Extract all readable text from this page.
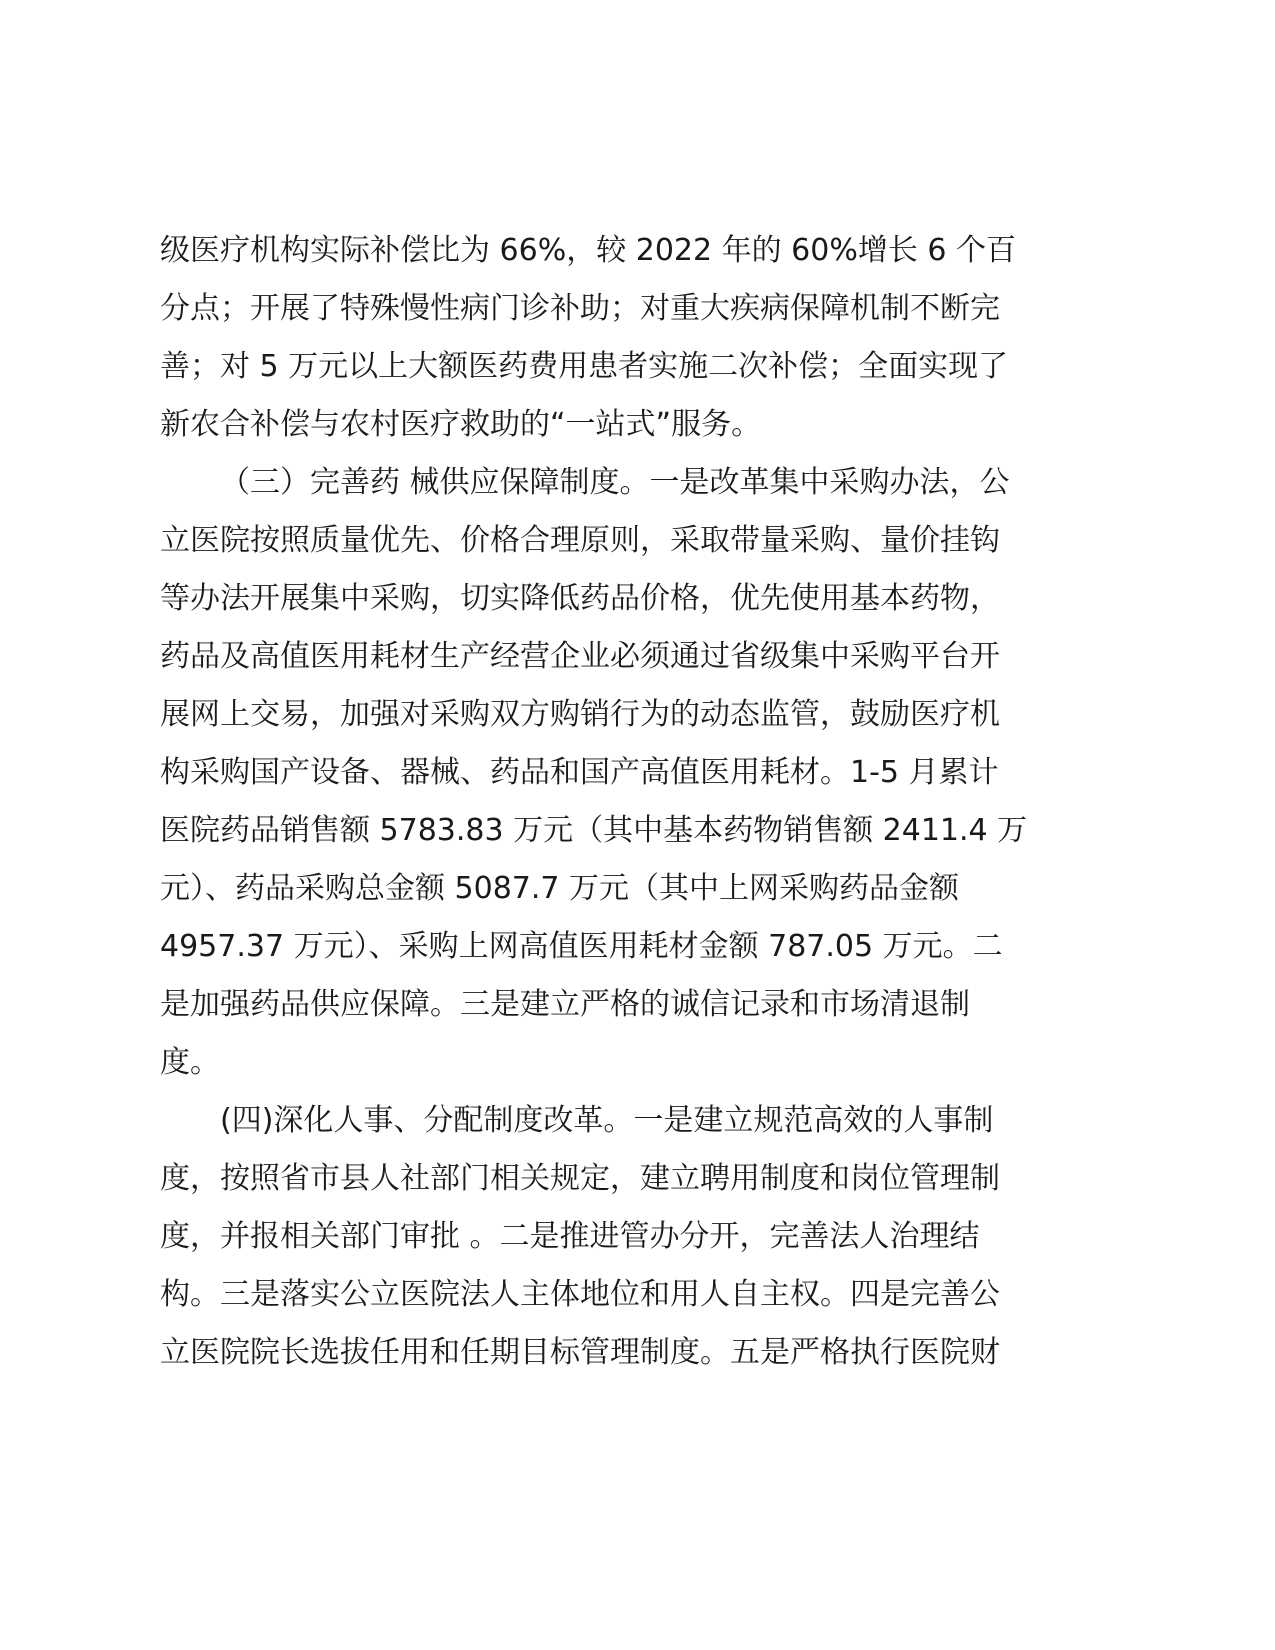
级医疗机构实际补偿比为 66%，较 2022 年的 60%增长 6 个百
分点；开展了特殊慢性病门诊补助；对重大疾病保障机制不断完
善；对 5 万元以上大额医药费用患者实施二次补偿；全面实现了
新农合补偿与农村医疗救助的“一站式”服务。
（三）完善药 械供应保障制度。一是改革集中采购办法，公
立医院按照质量优先、价格合理原则，采取带量采购、量价挂钩
等办法开展集中采购，切实降低药品价格，优先使用基本药物，
药品及高值医用耗材生产经营企业必须通过省级集中采购平台开
展网上交易，加强对采购双方购销行为的动态监管，鼓励医疗机
构采购国产设备、器械、药品和国产高值医用耗材。1-5 月累计
医院药品销售额 5783.83 万元（其中基本药物销售额 2411.4 万
元）、药品采购总金额 5087.7 万元（其中上网采购药品金额
4957.37 万元）、采购上网高值医用耗材金额 787.05 万元。二
是加强药品供应保障。三是建立严格的诚信记录和市场清退制
度。
(四)深化人事、分配制度改革。一是建立规范高效的人事制
度，按照省市县人社部门相关规定，建立聘用制度和岗位管理制
度，并报相关部门审批 。二是推进管办分开，完善法人治理结
构。三是落实公立医院法人主体地位和用人自主权。四是完善公
立医院院长选拔任用和任期目标管理制度。五是严格执行医院财
